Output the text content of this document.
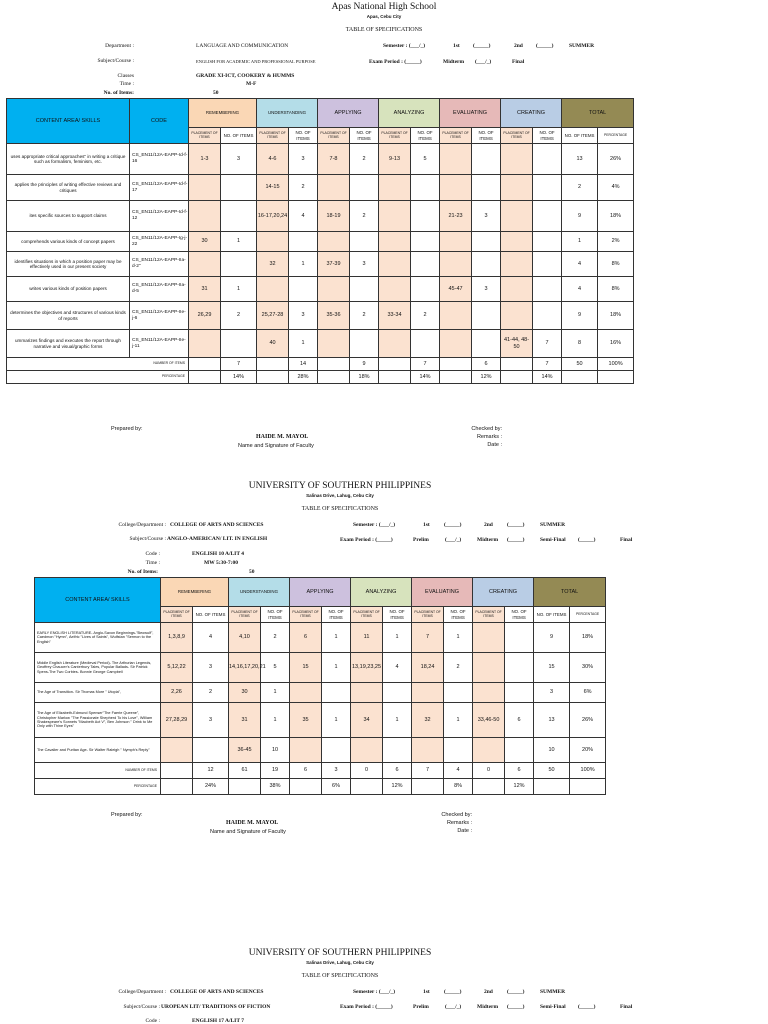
Apas National High School
Apas, Cebu City
TABLE OF SPECIFICATIONS
Department :	LANGUAGE AND COMMUNICATION
Subject/Course :	ENGLISH FOR ACADEMIC AND PROFESSIONAL PURPOSE
Classes	GRADE XI-ICT, COOKERY & HUMMS
Time :	M-F
No. of Items:	50
Semester : (___/_)	1st (_____)	2nd (_____)	SUMMER
Exam Period : (_____)	Midterm (___/_)	Final
CONTENT AREA/ SKILLS	CODE	REMEMBERING		UNDERSTANDING		APPLYING		ANALYZING		EVALUATING		CREATING		TOTAL	
		PLACEMENT OF ITEMS	NO. OF ITEMS	PLACEMENT OF ITEMS	NO. OF ITEMS	PLACEMENT OF ITEMS	NO. OF ITEMS	PLACEMENT OF ITEMS	NO. OF ITEMS	PLACEMENT OF ITEMS	NO. OF ITEMS	PLACEMENT OF ITEMS	NO. OF ITEMS	NO. OF ITEMS	PERCENTAGE
uses appropriate critical approaches" in writing a critique such as formalism, feminism, etc.	CS_EN11/12A-EAPP-Id-f-16	1-3	3	4-6	3	7-8	2	9-13	5					13	26%
applies the principles of writing effective reviews and critiques	CS_EN11/12A-EAPP-Id-f-17			14-15	2									2	4%
ites specific sources to support claims	CS_EN11/12A-EAPP-Id-f-12			16-17,20,24	4	18-19	2			21-23	3			9	18%
comprehends various kinds of concept papers	CS_EN11/12A-EAPP-Ig-j-22	30	1											1	2%
identifies situations in which a position paper may be effectively used in our present society	CS_EN11/12A-EAPP-IIa-d-2"			32	1	37-39	3							4	8%
writes various kinds of position papers	CS_EN11/12A-EAPP-IIa-d-5	31	1							45-47	3			4	8%
determines the objectives and structures of various kinds of reports	CS_EN11/12A-EAPP-IIe-j-6	26,29	2	25,27-28	3	35-36	2	33-34	2					9	18%
ummarizes findings and executes the report through narrative and visual/graphic forms	CS_EN11/12A-EAPP-IIe-j-11			40	1							41-44, 48-50	7	8	16%
NUMBER OF ITEMS			7		14		9		7		6		7	50	100%
PERCENTAGE			14%		28%		18%		14%		12%		14%		
Prepared by:
HAIDE M. MAYOL
Name and Signature of Faculty
Checked by:
Remarks :
Date :
UNIVERSITY OF SOUTHERN PHILIPPINES
Salinas Drive, Lahug, Cebu City
TABLE OF SPECIFICATIONS
College/Department : COLLEGE OF ARTS AND SCIENCES
Subject/Course : ANGLO-AMERICAN/ LIT. IN ENGLISH
Code :	ENGLISH 10 A/LIT 4
Time :	MW 5:30-7:00
No. of Items:	50
Semester : (___/_)	1st	(_____)	2nd	(_____)	SUMMER
Exam Period : (_____)	Prelim	(___/_)	Midterm (_____)	Semi-Final (_____)	Final
CONTENT AREA/ SKILLS	REMEMBERING		UNDERSTANDING		APPLYING		ANALYZING		EVALUATING		CREATING		TOTAL	
	PLACEMENT OF ITEMS	NO. OF ITEMS	PLACEMENT OF ITEMS	NO. OF ITEMS	PLACEMENT OF ITEMS	NO. OF ITEMS	PLACEMENT OF ITEMS	NO. OF ITEMS	PLACEMENT OF ITEMS	NO. OF ITEMS	PLACEMENT OF ITEMS	NO. OF ITEMS	NO. OF ITEMS	PERCENTAGE
EARLY ENGLISH LITERATURE- Anglo-Saxon Beginnings-"Beowulf", Caedmon "Hymn", Aelfric "Lives of Saints", Wulfstan "Sermon to the English"	1,3,8,9	4	4,10	2	6	1	11	1	7	1			9	18%
Middle English Literature (Medieval Period)- The Arthurian Legends, Geoffrey Chaucer's Canterbury Tales, Popular Ballads- Sir Patrick Spens-The Two Corbies- Bonnie George Campbell	5,12,22	3	14,16,17,20,21	5	15	1	13,19,23,25	4	18,24	2			15	30%
The Age of Transition- Sir Thomas More " Utopia",	2,26	2	30	1									3	6%
The Age of Elizabeth-Edmund Spenser"The Faerie Queene", Christopher Marlow "The Passionate Shepherd To his Love", William Shakespeare's Sonnets "Macbeth Act V", Ben Johnson " Drink to Me Only with Thine Eyes"	27,28,29	3	31	1	35	1	34	1	32	1	33,46-50	6	13	26%
The Cavalier and Puritan Age- Sir Walter Raleigh " Nymph's Reply"			36-45	10									10	20%
NUMBER OF ITEMS		12	61	19	6	3	0	6	7	4	0	6	50	100%
PERCENTAGE		24%		38%		6%		12%		8%		12%		
Prepared by:
HAIDE M. MAYOL
Name and Signature of Faculty
Checked by:
Remarks :
Date :
UNIVERSITY OF SOUTHERN PHILIPPINES
Salinas Drive, Lahug, Cebu City
TABLE OF SPECIFICATIONS
College/Department : COLLEGE OF ARTS AND SCIENCES
Subject/Course : UROPEAN LIT/ TRADITIONS OF FICTION
Code :	ENGLISH 17 A/LIT 7
Semester : (___/_)	1st	(_____)	2nd	(_____)	SUMMER
Exam Period : (_____)	Prelim	(___/_)	Midterm (_____)	Semi-Final (_____)	Final
